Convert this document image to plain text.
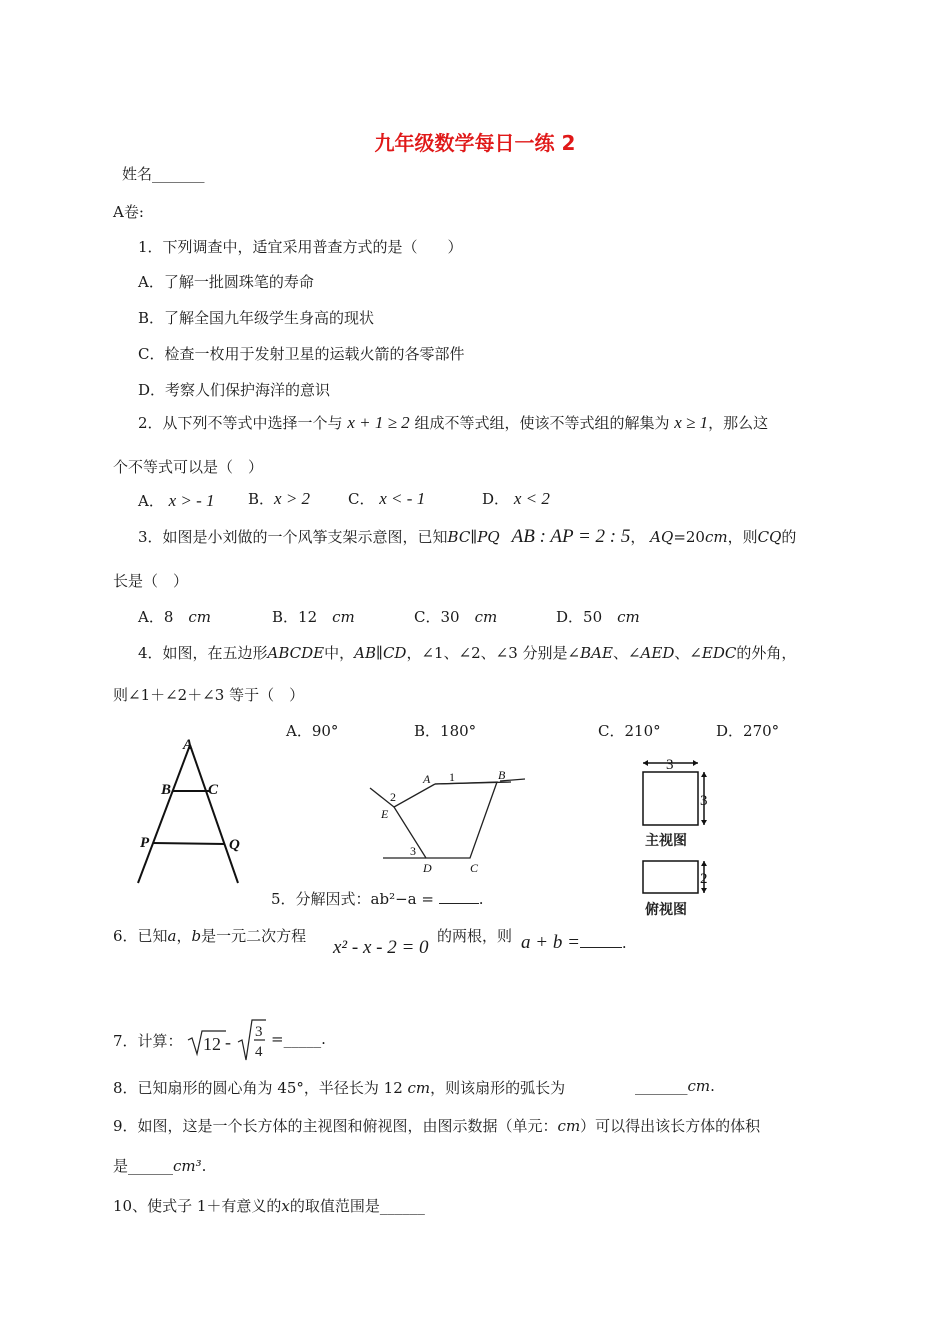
九年级数学每日一练 2
姓名_______
A卷:
1．下列调查中，适宜采用普查方式的是（　　）
A．了解一批圆珠笔的寿命
B．了解全国九年级学生身高的现状
C．检查一枚用于发射卫星的运载火箭的各零部件
D．考察人们保护海洋的意识
2．从下列不等式中选择一个与 x + 1 ≥ 2 组成不等式组，使该不等式组的解集为 x ≥ 1，那么这
个不等式可以是（　）
A． x > - 1 B．x > 2	C． x < - 1	D． x < 2
3．如图是小刘做的一个风筝支架示意图，已知BC∥PQ AB : AP = 2 : 5， AQ=20cm，则CQ的
长是（　）
A．8　 cm	B．12　 cm	C．30　 cm	D．50　 cm
4．如图，在五边形ABCDE中，AB∥CD，∠1、∠2、∠3 分别是∠BAE、∠AED、∠EDC的外角，
则∠1＋∠2＋∠3 等于（　）
A．90°	B．180°	C．210°	D．270°
A
B C
P	Q
A	B
C
D
E
1
2
3
3
3
2
主视图
俯视图
5．分解因式：ab²−a =	.
6．已知a，b是一元二次方程
x² - x - 2 = 0
的两根，则 a + b =	.
7．计算： 12 - 3
4
=_____.
8．已知扇形的圆心角为 45°，半径长为 12 cm，则该扇形的弧长为	_______cm.
9．如图，这是一个长方体的主视图和俯视图，由图示数据（单元：cm）可以得出该长方体的体积
是______cm³.
10、使式子 1＋有意义的x的取值范围是______
